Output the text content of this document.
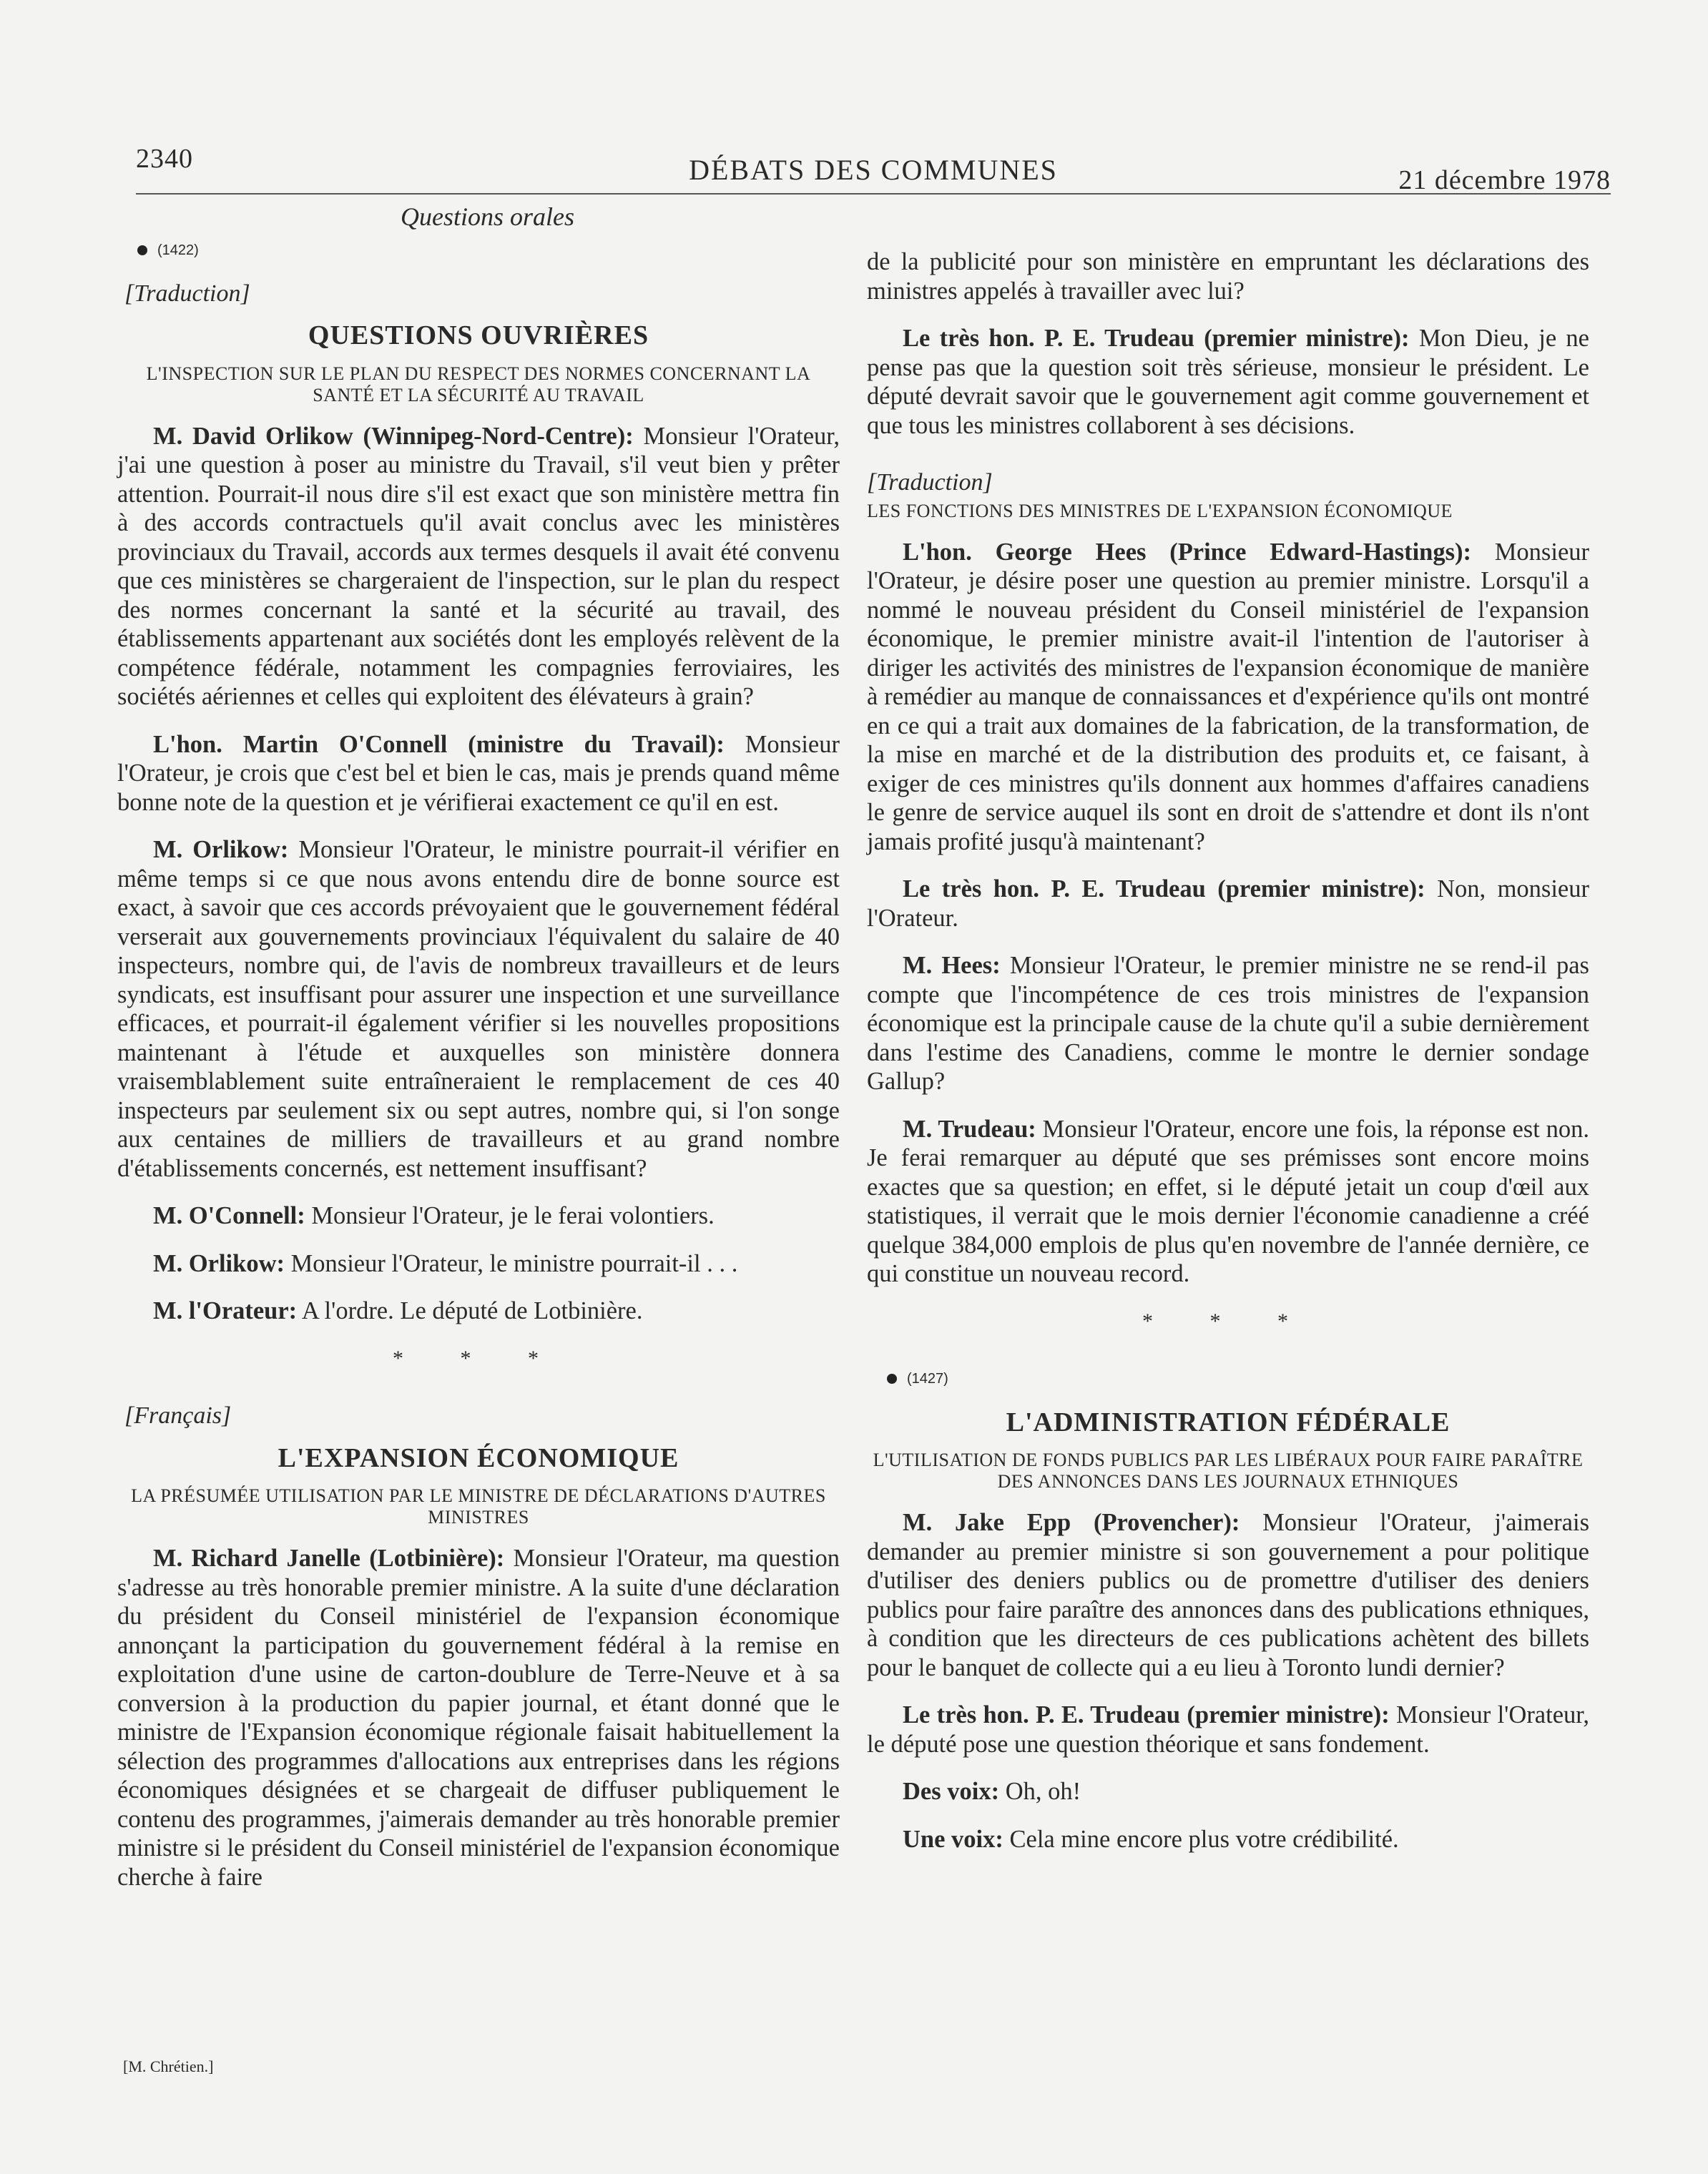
2340	DÉBATS DES COMMUNES	21 décembre 1978
Questions orales
(1422)

[Traduction]

QUESTIONS OUVRIÈRES

L'INSPECTION SUR LE PLAN DU RESPECT DES NORMES CONCERNANT LA SANTÉ ET LA SÉCURITÉ AU TRAVAIL

M. David Orlikow (Winnipeg-Nord-Centre): Monsieur l'Orateur, j'ai une question à poser au ministre du Travail, s'il veut bien y prêter attention. Pourrait-il nous dire s'il est exact que son ministère mettra fin à des accords contractuels qu'il avait conclus avec les ministères provinciaux du Travail, accords aux termes desquels il avait été convenu que ces ministères se chargeraient de l'inspection, sur le plan du respect des normes concernant la santé et la sécurité au travail, des établissements appartenant aux sociétés dont les employés relèvent de la compétence fédérale, notamment les compagnies ferroviaires, les sociétés aériennes et celles qui exploitent des élévateurs à grain?

L'hon. Martin O'Connell (ministre du Travail): Monsieur l'Orateur, je crois que c'est bel et bien le cas, mais je prends quand même bonne note de la question et je vérifierai exactement ce qu'il en est.

M. Orlikow: Monsieur l'Orateur, le ministre pourrait-il vérifier en même temps si ce que nous avons entendu dire de bonne source est exact, à savoir que ces accords prévoyaient que le gouvernement fédéral verserait aux gouvernements provinciaux l'équivalent du salaire de 40 inspecteurs, nombre qui, de l'avis de nombreux travailleurs et de leurs syndicats, est insuffisant pour assurer une inspection et une surveillance efficaces, et pourrait-il également vérifier si les nouvelles propositions maintenant à l'étude et auxquelles son ministère donnera vraisemblablement suite entraîneraient le remplacement de ces 40 inspecteurs par seulement six ou sept autres, nombre qui, si l'on songe aux centaines de milliers de travailleurs et au grand nombre d'établissements concernés, est nettement insuffisant?

M. O'Connell: Monsieur l'Orateur, je le ferai volontiers.

M. Orlikow: Monsieur l'Orateur, le ministre pourrait-il . . .

M. l'Orateur: A l'ordre. Le député de Lotbinière.

* * *

[Français]

L'EXPANSION ÉCONOMIQUE

LA PRÉSUMÉE UTILISATION PAR LE MINISTRE DE DÉCLARATIONS D'AUTRES MINISTRES

M. Richard Janelle (Lotbinière): Monsieur l'Orateur, ma question s'adresse au très honorable premier ministre. A la suite d'une déclaration du président du Conseil ministériel de l'expansion économique annonçant la participation du gouvernement fédéral à la remise en exploitation d'une usine de carton-doublure de Terre-Neuve et à sa conversion à la production du papier journal, et étant donné que le ministre de l'Expansion économique régionale faisait habituellement la sélection des programmes d'allocations aux entreprises dans les régions économiques désignées et se chargeait de diffuser publiquement le contenu des programmes, j'aimerais demander au très honorable premier ministre si le président du Conseil ministériel de l'expansion économique cherche à faire

de la publicité pour son ministère en empruntant les déclarations des ministres appelés à travailler avec lui?

Le très hon. P. E. Trudeau (premier ministre): Mon Dieu, je ne pense pas que la question soit très sérieuse, monsieur le président. Le député devrait savoir que le gouvernement agit comme gouvernement et que tous les ministres collaborent à ses décisions.

[Traduction]

LES FONCTIONS DES MINISTRES DE L'EXPANSION ÉCONOMIQUE

L'hon. George Hees (Prince Edward-Hastings): Monsieur l'Orateur, je désire poser une question au premier ministre. Lorsqu'il a nommé le nouveau président du Conseil ministériel de l'expansion économique, le premier ministre avait-il l'intention de l'autoriser à diriger les activités des ministres de l'expansion économique de manière à remédier au manque de connaissances et d'expérience qu'ils ont montré en ce qui a trait aux domaines de la fabrication, de la transformation, de la mise en marché et de la distribution des produits et, ce faisant, à exiger de ces ministres qu'ils donnent aux hommes d'affaires canadiens le genre de service auquel ils sont en droit de s'attendre et dont ils n'ont jamais profité jusqu'à maintenant?

Le très hon. P. E. Trudeau (premier ministre): Non, monsieur l'Orateur.

M. Hees: Monsieur l'Orateur, le premier ministre ne se rend-il pas compte que l'incompétence de ces trois ministres de l'expansion économique est la principale cause de la chute qu'il a subie dernièrement dans l'estime des Canadiens, comme le montre le dernier sondage Gallup?

M. Trudeau: Monsieur l'Orateur, encore une fois, la réponse est non. Je ferai remarquer au député que ses prémisses sont encore moins exactes que sa question; en effet, si le député jetait un coup d'œil aux statistiques, il verrait que le mois dernier l'économie canadienne a créé quelque 384,000 emplois de plus qu'en novembre de l'année dernière, ce qui constitue un nouveau record.

* * *

(1427)

L'ADMINISTRATION FÉDÉRALE

L'UTILISATION DE FONDS PUBLICS PAR LES LIBÉRAUX POUR FAIRE PARAÎTRE DES ANNONCES DANS LES JOURNAUX ETHNIQUES

M. Jake Epp (Provencher): Monsieur l'Orateur, j'aimerais demander au premier ministre si son gouvernement a pour politique d'utiliser des deniers publics ou de promettre d'utiliser des deniers publics pour faire paraître des annonces dans des publications ethniques, à condition que les directeurs de ces publications achètent des billets pour le banquet de collecte qui a eu lieu à Toronto lundi dernier?

Le très hon. P. E. Trudeau (premier ministre): Monsieur l'Orateur, le député pose une question théorique et sans fondement.

Des voix: Oh, oh!

Une voix: Cela mine encore plus votre crédibilité.

[M. Chrétien.]
